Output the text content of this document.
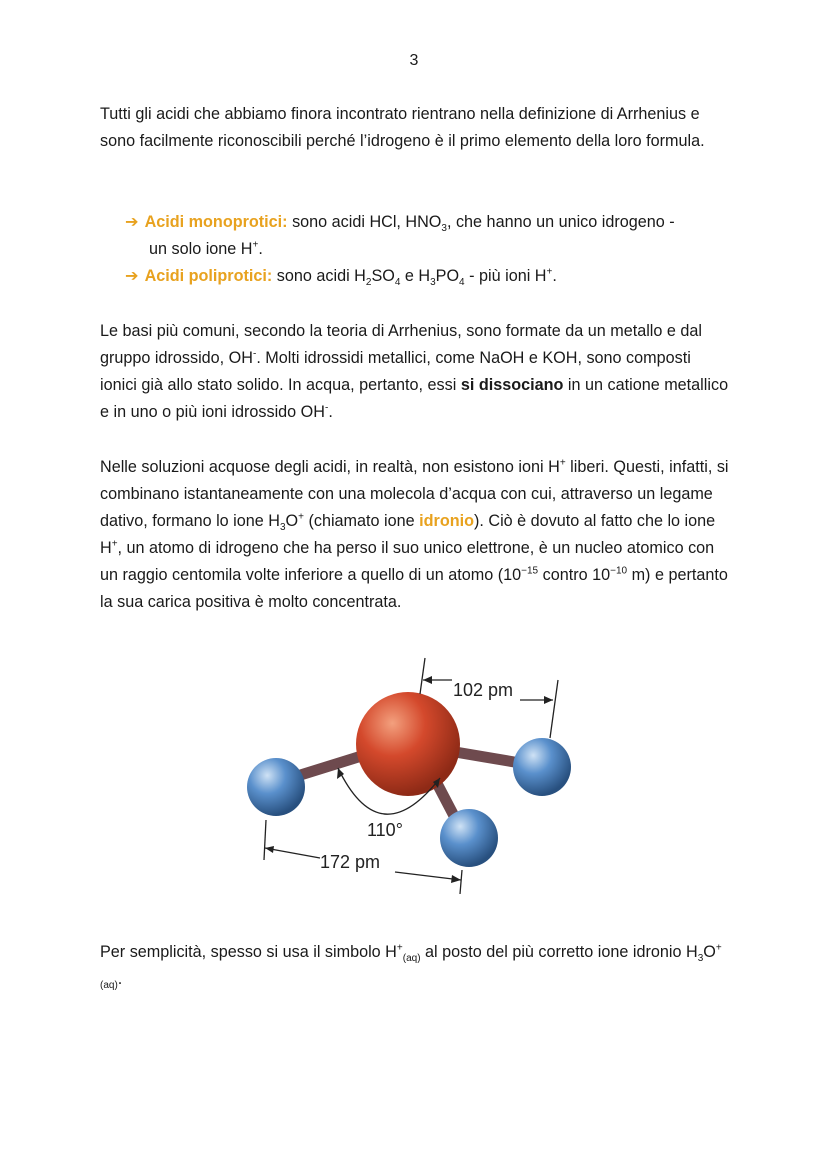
3

Tutti gli acidi che abbiamo finora incontrato rientrano nella definizione di Arrhenius e sono facilmente riconoscibili perché l’idrogeno è il primo elemento della loro formula.

➔ Acidi monoprotici: sono acidi HCl, $HNO_3$, che hanno un unico idrogeno -
un solo ione H+.

➔ Acidi poliprotici: sono acidi $H_2SO_4$ e $H_3PO_4$ - più ioni H+.

Le basi più comuni, secondo la teoria di Arrhenius, sono formate da un metallo e dal gruppo idrossido, OH-. Molti idrossidi metallici, come NaOH e KOH, sono composti ionici già allo stato solido. In acqua, pertanto, essi si dissociano in un catione metallico e in uno o più ioni idrossido OH-.

Nelle soluzioni acquose degli acidi, in realtà, non esistono ioni H+ liberi. Questi, infatti, si combinano istantaneamente con una molecola d’acqua con cui, attraverso un legame dativo, formano lo ione $H_3O^+$ (chiamato ione idronio). Ciò è dovuto al fatto che lo ione H+, un atomo di idrogeno che ha perso il suo unico elettrone, è un nucleo atomico con un raggio centomila volte inferiore a quello di un atomo ($10^{-15}$ contro $10^{-10}$ m) e pertanto la sua carica positiva è molto concentrata.

102 pm
110°
172 pm

Per semplicità, spesso si usa il simbolo $H^+_{(aq)}$ al posto del più corretto ione idronio $H_3O^+_{(aq)}$.
